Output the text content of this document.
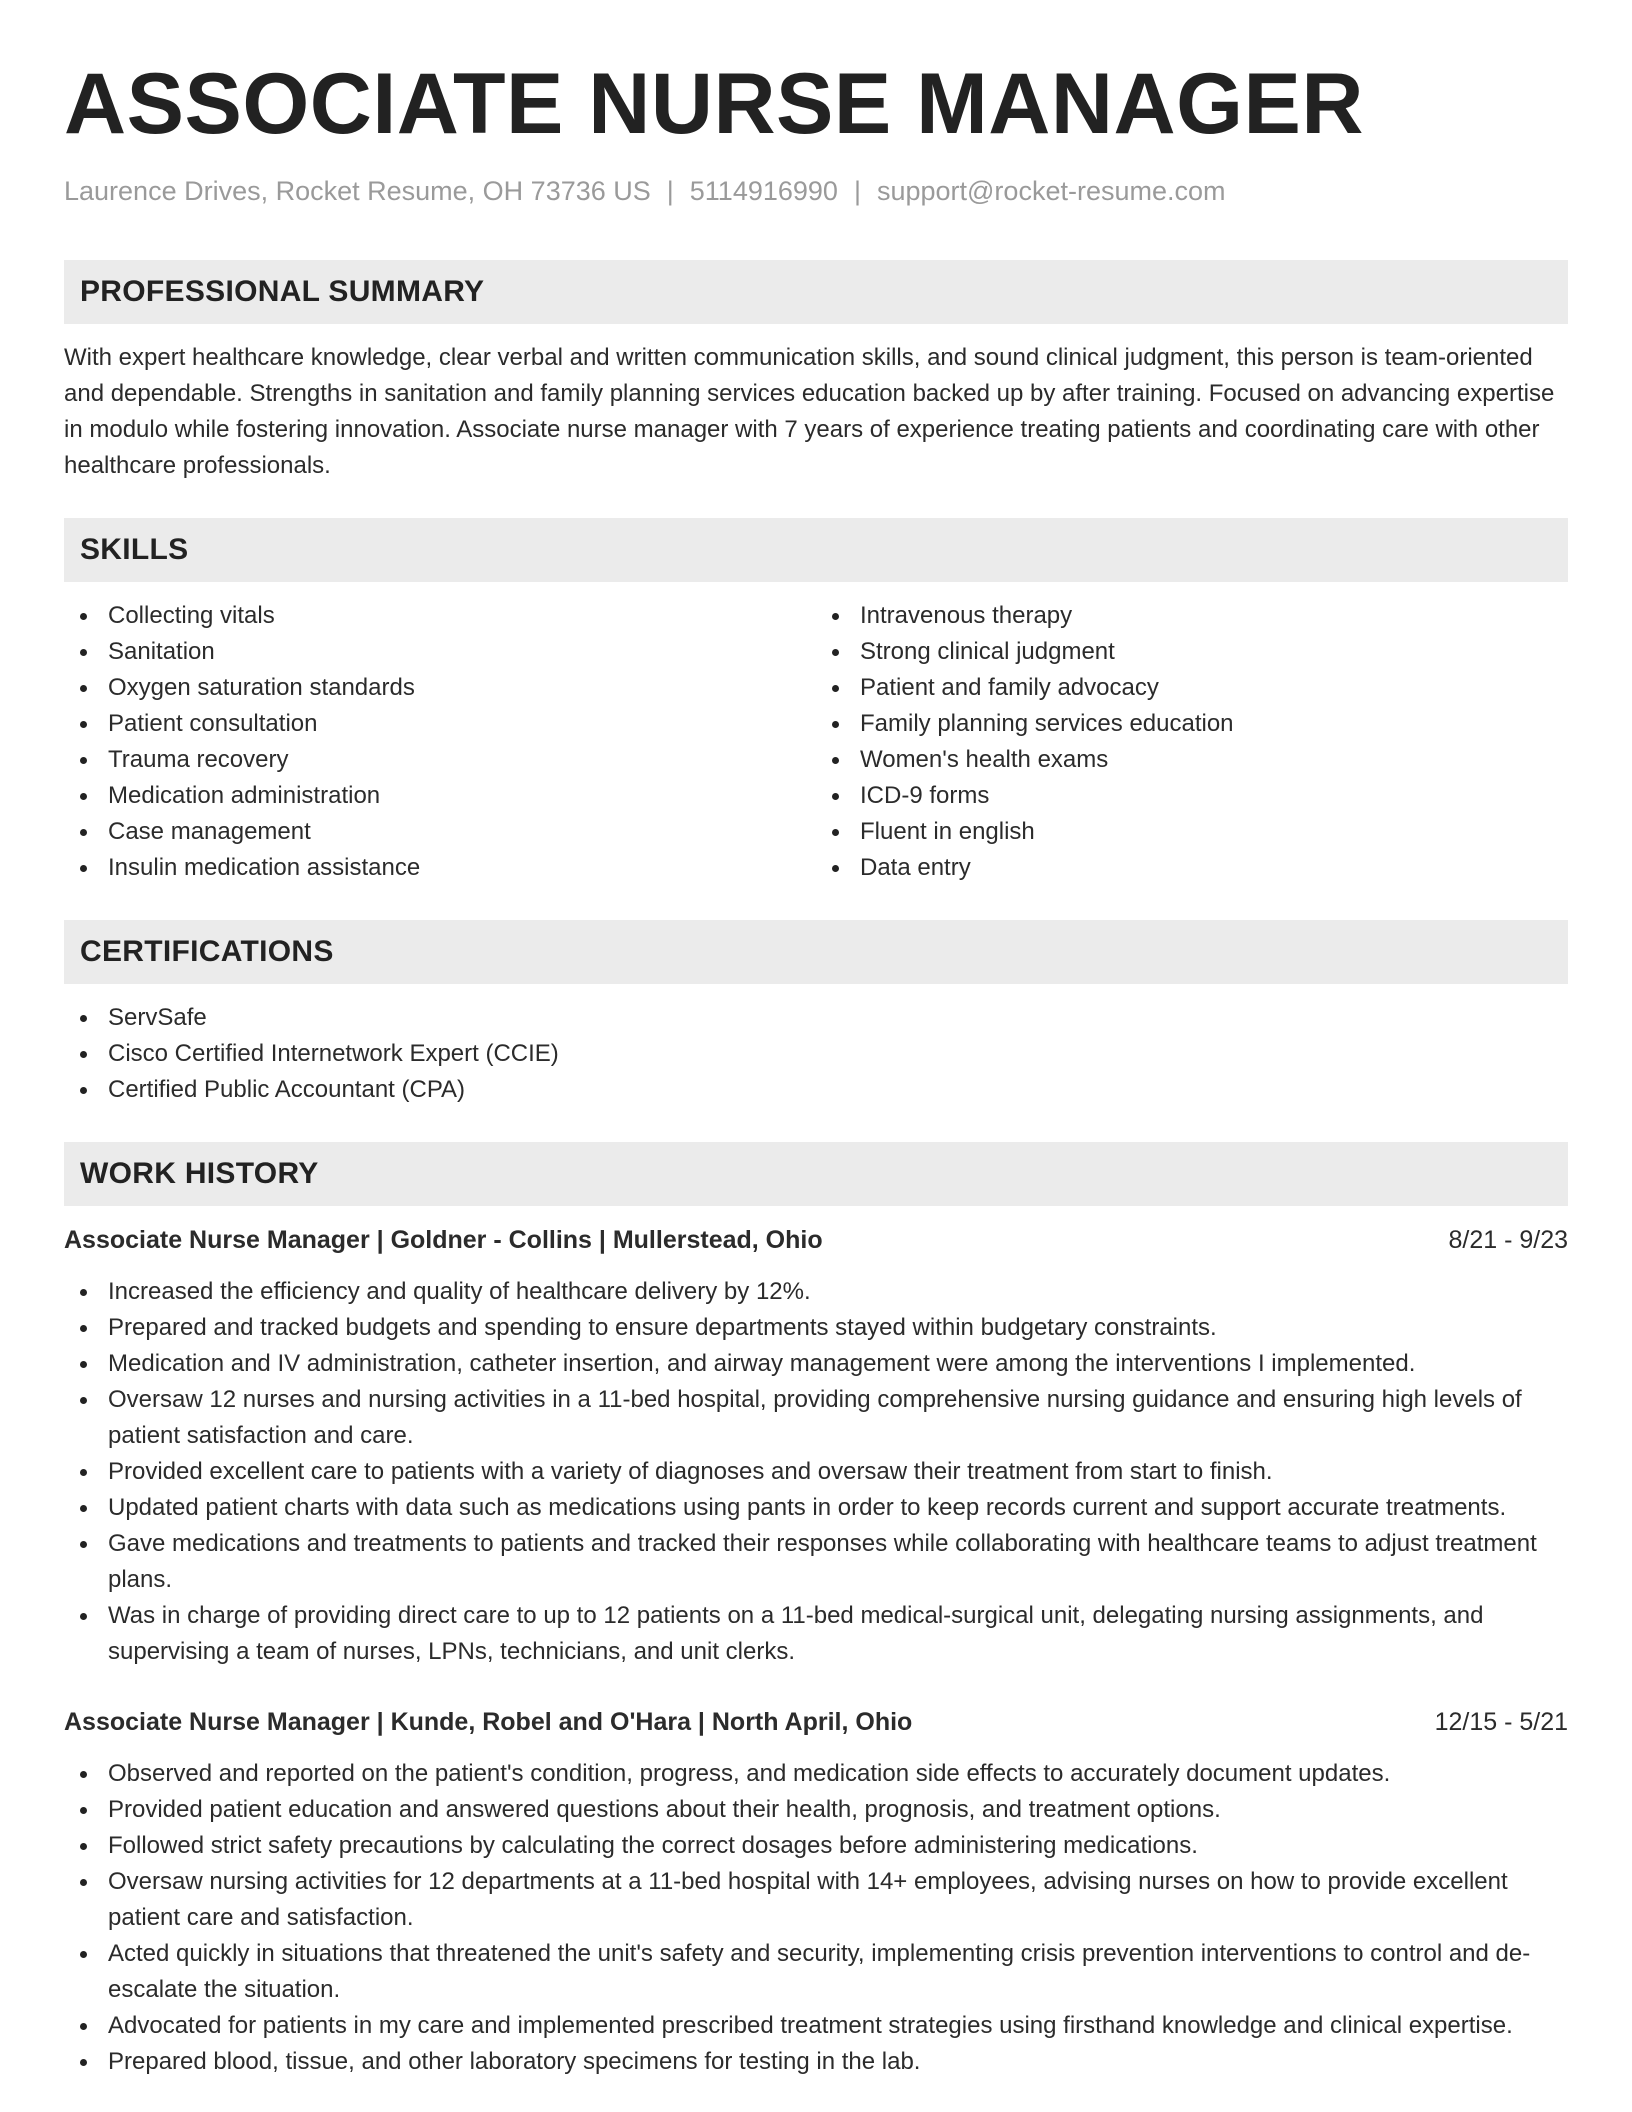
ASSOCIATE NURSE MANAGER
Laurence Drives, Rocket Resume, OH 73736 US | 5114916990 | support@rocket-resume.com
PROFESSIONAL SUMMARY

With expert healthcare knowledge, clear verbal and written communication skills, and sound clinical judgment, this person is team-oriented and dependable. Strengths in sanitation and family planning services education backed up by after training. Focused on advancing expertise in modulo while fostering innovation. Associate nurse manager with 7 years of experience treating patients and coordinating care with other healthcare professionals.

SKILLS
Collecting vitals
Sanitation
Oxygen saturation standards
Patient consultation
Trauma recovery
Medication administration
Case management
Insulin medication assistance
Intravenous therapy
Strong clinical judgment
Patient and family advocacy
Family planning services education
Women's health exams
ICD-9 forms
Fluent in english
Data entry
CERTIFICATIONS
ServSafe
Cisco Certified Internetwork Expert (CCIE)
Certified Public Accountant (CPA)
WORK HISTORY
Associate Nurse Manager | Goldner - Collins | Mullerstead, Ohio	8/21 - 9/23
Increased the efficiency and quality of healthcare delivery by 12%.
Prepared and tracked budgets and spending to ensure departments stayed within budgetary constraints.
Medication and IV administration, catheter insertion, and airway management were among the interventions I implemented.
Oversaw 12 nurses and nursing activities in a 11-bed hospital, providing comprehensive nursing guidance and ensuring high levels of patient satisfaction and care.
Provided excellent care to patients with a variety of diagnoses and oversaw their treatment from start to finish.
Updated patient charts with data such as medications using pants in order to keep records current and support accurate treatments.
Gave medications and treatments to patients and tracked their responses while collaborating with healthcare teams to adjust treatment plans.
Was in charge of providing direct care to up to 12 patients on a 11-bed medical-surgical unit, delegating nursing assignments, and supervising a team of nurses, LPNs, technicians, and unit clerks.
Associate Nurse Manager | Kunde, Robel and O'Hara | North April, Ohio	12/15 - 5/21
Observed and reported on the patient's condition, progress, and medication side effects to accurately document updates.
Provided patient education and answered questions about their health, prognosis, and treatment options.
Followed strict safety precautions by calculating the correct dosages before administering medications.
Oversaw nursing activities for 12 departments at a 11-bed hospital with 14+ employees, advising nurses on how to provide excellent patient care and satisfaction.
Acted quickly in situations that threatened the unit's safety and security, implementing crisis prevention interventions to control and de-escalate the situation.
Advocated for patients in my care and implemented prescribed treatment strategies using firsthand knowledge and clinical expertise.
Prepared blood, tissue, and other laboratory specimens for testing in the lab.
